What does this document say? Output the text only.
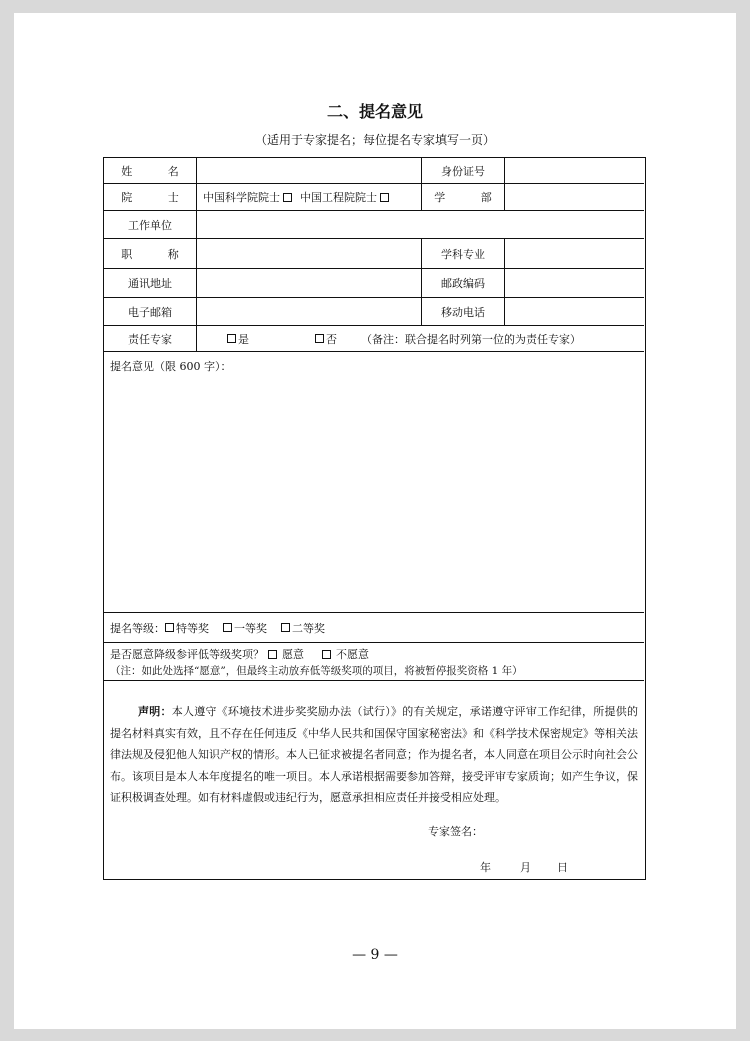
二、提名意见
（适用于专家提名；每位提名专家填写一页）
姓 名	身份证号
院 士 中国科学院院士 中国工程院院士	学 部
工作单位
职 称	学科专业
通讯地址	邮政编码
电子邮箱	移动电话
责任专家	是	否 （备注：联合提名时列第一位的为责任专家）
提名意见（限 600 字）：
提名等级： 特等奖 一等奖 二等奖
是否愿意降级参评低等级奖项？ 愿意	不愿意
（注：如此处选择“愿意”，但最终主动放弃低等级奖项的项目，将被暂停报奖资格 1 年）
声明：本人遵守《环境技术进步奖奖励办法（试行）》的有关规定，承诺遵守评审工作纪律，所提供的提名材料真实有效，且不存在任何违反《中华人民共和国保守国家秘密法》和《科学技术保密规定》等相关法律法规及侵犯他人知识产权的情形。本人已征求被提名者同意；作为提名者，本人同意在项目公示时向社会公布。该项目是本人本年度提名的唯一项目。本人承诺根据需要参加答辩，接受评审专家质询；如产生争议，保证积极调查处理。如有材料虚假或违纪行为，愿意承担相应责任并接受相应处理。
专家签名：
年	月 日
— 9 —
